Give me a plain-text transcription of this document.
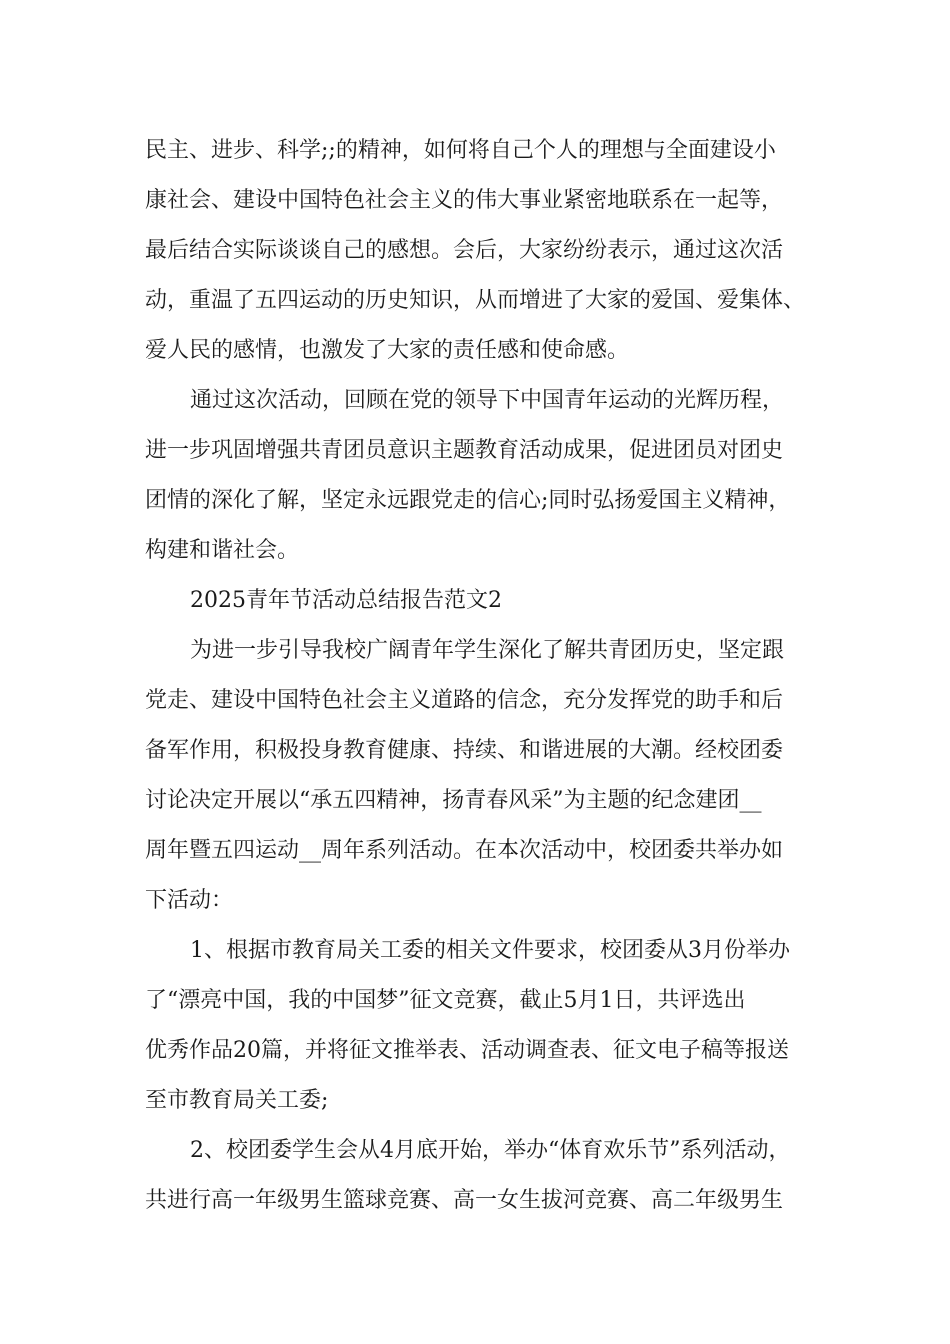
民主、进步、科学;;的精神，如何将自己个人的理想与全面建设小

康社会、建设中国特色社会主义的伟大事业紧密地联系在一起等，

最后结合实际谈谈自己的感想。会后，大家纷纷表示，通过这次活

动，重温了五四运动的历史知识，从而增进了大家的爱国、爱集体、

爱人民的感情，也激发了大家的责任感和使命感。

通过这次活动，回顾在党的领导下中国青年运动的光辉历程，

进一步巩固增强共青团员意识主题教育活动成果，促进团员对团史

团情的深化了解，坚定永远跟党走的信心;同时弘扬爱国主义精神，

构建和谐社会。

2025青年节活动总结报告范文2

为进一步引导我校广阔青年学生深化了解共青团历史，坚定跟

党走、建设中国特色社会主义道路的信念，充分发挥党的助手和后

备军作用，积极投身教育健康、持续、和谐进展的大潮。经校团委

讨论决定开展以“承五四精神，扬青春风采”为主题的纪念建团__

周年暨五四运动__周年系列活动。在本次活动中，校团委共举办如

下活动：

1、根据市教育局关工委的相关文件要求，校团委从3月份举办

了“漂亮中国，我的中国梦”征文竞赛，截止5月1日，共评选出

优秀作品20篇，并将征文推举表、活动调查表、征文电子稿等报送

至市教育局关工委;

2、校团委学生会从4月底开始，举办“体育欢乐节”系列活动，

共进行高一年级男生篮球竞赛、高一女生拔河竞赛、高二年级男生
